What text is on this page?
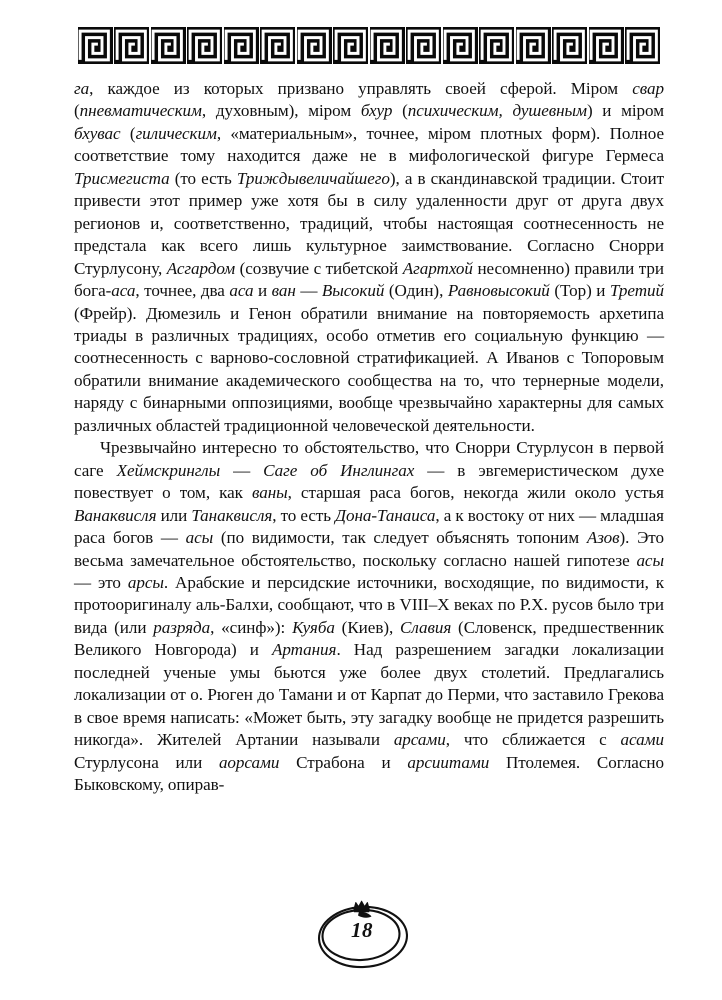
га, каждое из которых призвано управлять своей сферой. Міром свар (пневматическим, духовным), міром бхур (психическим, душевным) и міром бхувас (гилическим, «материальным», точнее, міром плотных форм). Полное соответствие тому находится даже не в мифологической фигуре Гермеса Трисмегиста (то есть Триждывеличайшего), а в скандинавской традиции. Стоит привести этот пример уже хотя бы в силу удаленности друг от друга двух регионов и, соответственно, традиций, чтобы настоящая соотнесенность не предстала как всего лишь культурное заимствование. Согласно Снорри Стурлусону, Асгардом (созвучие с тибетской Агартхой несомненно) правили три бога-аса, точнее, два аса и ван — Высокий (Один), Равновысокий (Тор) и Третий (Фрейр). Дюмезиль и Генон обратили внимание на повторяемость архетипа триады в различных традициях, особо отметив его социальную функцию — соотнесенность с варново-сословной стратификацией. А Иванов с Топоровым обратили внимание академического сообщества на то, что тернерные модели, наряду с бинарными оппозициями, вообще чрезвычайно характерны для самых различных областей традиционной человеческой деятельности.

Чрезвычайно интересно то обстоятельство, что Снорри Стурлусон в первой саге Хеймскринглы — Саге об Инглингах — в эвгемеристическом духе повествует о том, как ваны, старшая раса богов, некогда жили около устья Ванаквисля или Танаквисля, то есть Дона-Танаиса, а к востоку от них — младшая раса богов — асы (по видимости, так следует объяснять топоним Азов). Это весьма замечательное обстоятельство, поскольку согласно нашей гипотезе асы — это арсы. Арабские и персидские источники, восходящие, по видимости, к протооригиналу аль-Балхи, сообщают, что в VIII–X веках по Р.Х. русов было три вида (или разряда, «синф»): Куяба (Киев), Славия (Словенск, предшественник Великого Новгорода) и Артания. Над разрешением загадки локализации последней ученые умы бьются уже более двух столетий. Предлагались локализации от о. Рюген до Тамани и от Карпат до Перми, что заставило Грекова в свое время написать: «Может быть, эту загадку вообще не придется разрешить никогда». Жителей Артании называли арсами, что сближается с асами Стурлусона или аорсами Страбона и арсиитами Птолемея. Согласно Быковскому, опирав-

18
